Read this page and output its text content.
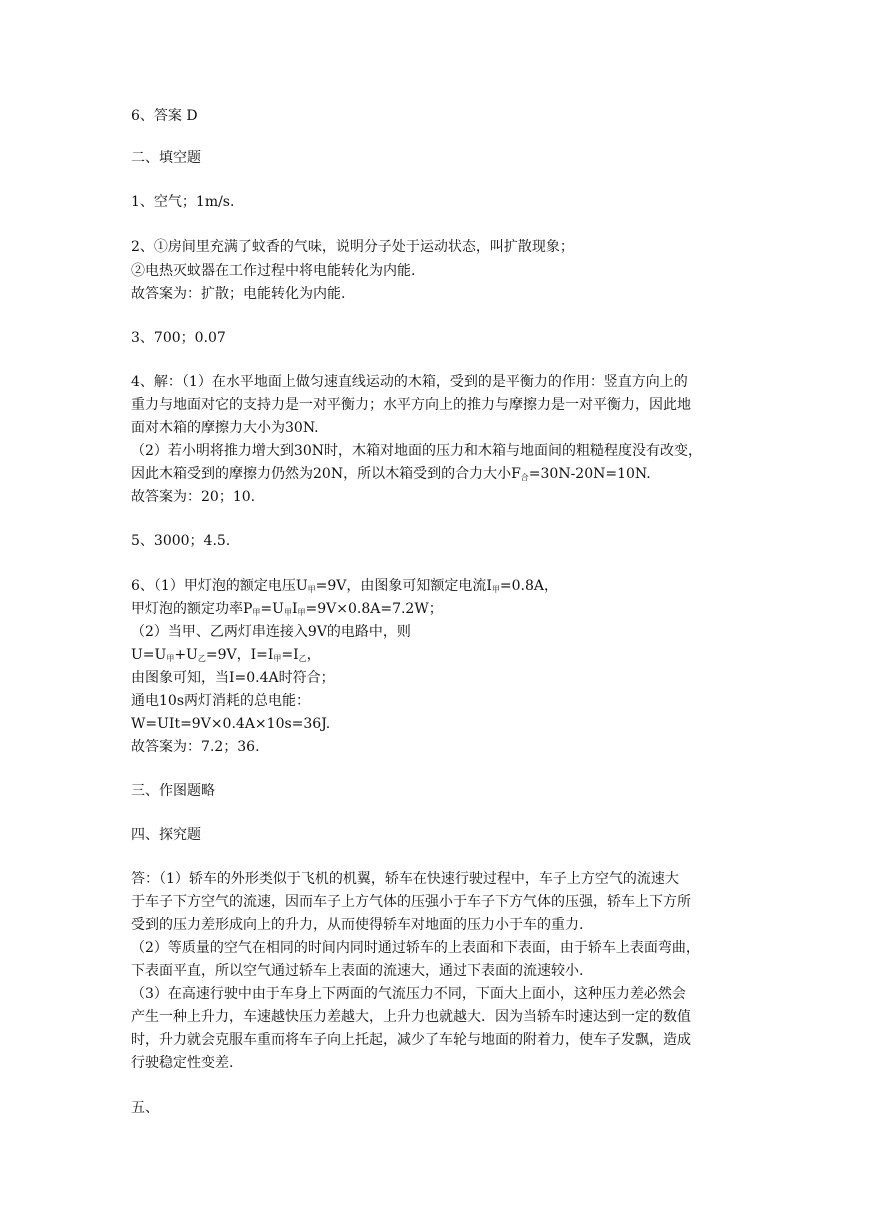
6、答案 D
二、填空题
1、空气；1m/s.
2、①房间里充满了蚊香的气味，说明分子处于运动状态，叫扩散现象；
②电热灭蚊器在工作过程中将电能转化为内能.
故答案为：扩散；电能转化为内能.
3、700；0.07
4、解：（1）在水平地面上做匀速直线运动的木箱，受到的是平衡力的作用：竖直方向上的
重力与地面对它的支持力是一对平衡力；水平方向上的推力与摩擦力是一对平衡力，因此地
面对木箱的摩擦力大小为30N.
（2）若小明将推力增大到30N时，木箱对地面的压力和木箱与地面间的粗糙程度没有改变，
因此木箱受到的摩擦力仍然为20N，所以木箱受到的合力大小$F_合=30N-20N=10N$.
故答案为：20；10.
5、3000；4.5.
6、（1）甲灯泡的额定电压$U_甲=9V$，由图象可知额定电流$I_甲=0.8A$，
甲灯泡的额定功率$P_甲=U_甲I_甲=9V\times 0.8A=7.2W$；
（2）当甲、乙两灯串连接入9V的电路中，则
$U=U_甲+U_乙=9V$，$I=I_甲=I_乙$，
由图象可知，当I=0.4A时符合；
通电10s两灯消耗的总电能：
W=UIt=9V×0.4A×10s=36J.
故答案为：7.2；36.
三、作图题略
四、探究题
答：（1）轿车的外形类似于飞机的机翼，轿车在快速行驶过程中，车子上方空气的流速大
于车子下方空气的流速，因而车子上方气体的压强小于车子下方气体的压强，轿车上下方所
受到的压力差形成向上的升力，从而使得轿车对地面的压力小于车的重力.
（2）等质量的空气在相同的时间内同时通过轿车的上表面和下表面，由于轿车上表面弯曲，
下表面平直，所以空气通过轿车上表面的流速大，通过下表面的流速较小.
（3）在高速行驶中由于车身上下两面的气流压力不同，下面大上面小，这种压力差必然会
产生一种上升力，车速越快压力差越大，上升力也就越大．因为当轿车时速达到一定的数值
时，升力就会克服车重而将车子向上托起，减少了车轮与地面的附着力，使车子发飘，造成
行驶稳定性变差.
五、
